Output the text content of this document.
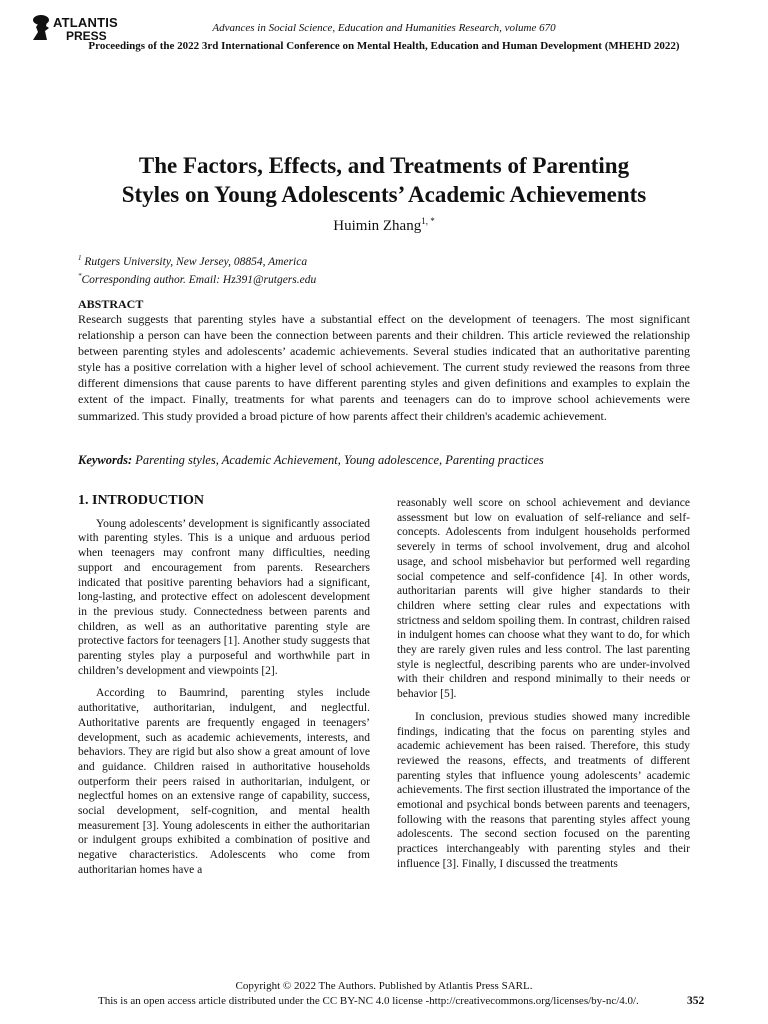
ATLANTIS
PRESS
Advances in Social Science, Education and Humanities Research, volume 670
Proceedings of the 2022 3rd International Conference on Mental Health, Education and Human Development (MHEHD 2022)
The Factors, Effects, and Treatments of Parenting
Styles on Young Adolescents’ Academic Achievements
Huimin Zhang$^{1, *}$
$^1$ Rutgers University, New Jersey, 08854, America
*Corresponding author. Email: Hz391@rutgers.edu
ABSTRACT

Research suggests that parenting styles have a substantial effect on the development of teenagers. The most significant relationship a person can have been the connection between parents and their children. This article reviewed the relationship between parenting styles and adolescents’ academic achievements. Several studies indicated that an authoritative parenting style has a positive correlation with a higher level of school achievement. The current study reviewed the reasons from three different dimensions that cause parents to have different parenting styles and given definitions and examples to explain the extent of the impact. Finally, treatments for what parents and teenagers can do to improve school achievements were summarized. This study provided a broad picture of how parents affect their children's academic achievement.

Keywords: Parenting styles, Academic Achievement, Young adolescence, Parenting practices
1. INTRODUCTION

Young adolescents’ development is significantly associated with parenting styles. This is a unique and arduous period when teenagers may confront many difficulties, needing support and encouragement from parents. Researchers indicated that positive parenting behaviors had a significant, long-lasting, and protective effect on adolescent development in the previous study. Connectedness between parents and children, as well as an authoritative parenting style are protective factors for teenagers [1]. Another study suggests that parenting styles play a purposeful and worthwhile part in children’s development and viewpoints [2].

According to Baumrind, parenting styles include authoritative, authoritarian, indulgent, and neglectful. Authoritative parents are frequently engaged in teenagers’ development, such as academic achievements, interests, and behaviors. They are rigid but also show a great amount of love and guidance. Children raised in authoritative households outperform their peers raised in authoritarian, indulgent, or neglectful homes on an extensive range of capability, success, social development, self-cognition, and mental health measurement [3]. Young adolescents in either the authoritarian or indulgent groups exhibited a combination of positive and negative characteristics. Adolescents who come from authoritarian homes have a

reasonably well score on school achievement and deviance assessment but low on evaluation of self-reliance and self-concepts. Adolescents from indulgent households performed severely in terms of school involvement, drug and alcohol usage, and school misbehavior but performed well regarding social competence and self-confidence [4]. In other words, authoritarian parents will give higher standards to their children where setting clear rules and expectations with strictness and seldom spoiling them. In contrast, children raised in indulgent homes can choose what they want to do, for which they are rarely given rules and less control. The last parenting style is neglectful, describing parents who are under-involved with their children and respond minimally to their needs or behavior [5].

In conclusion, previous studies showed many incredible findings, indicating that the focus on parenting styles and academic achievement has been raised. Therefore, this study reviewed the reasons, effects, and treatments of different parenting styles that influence young adolescents’ academic achievements. The first section illustrated the importance of the emotional and psychical bonds between parents and teenagers, following with the reasons that parenting styles affect young adolescents. The second section focused on the parenting practices interchangeably with parenting styles and their influence [3]. Finally, I discussed the treatments

Copyright © 2022 The Authors. Published by Atlantis Press SARL.
This is an open access article distributed under the CC BY-NC 4.0 license -http://creativecommons.org/licenses/by-nc/4.0/.	352
